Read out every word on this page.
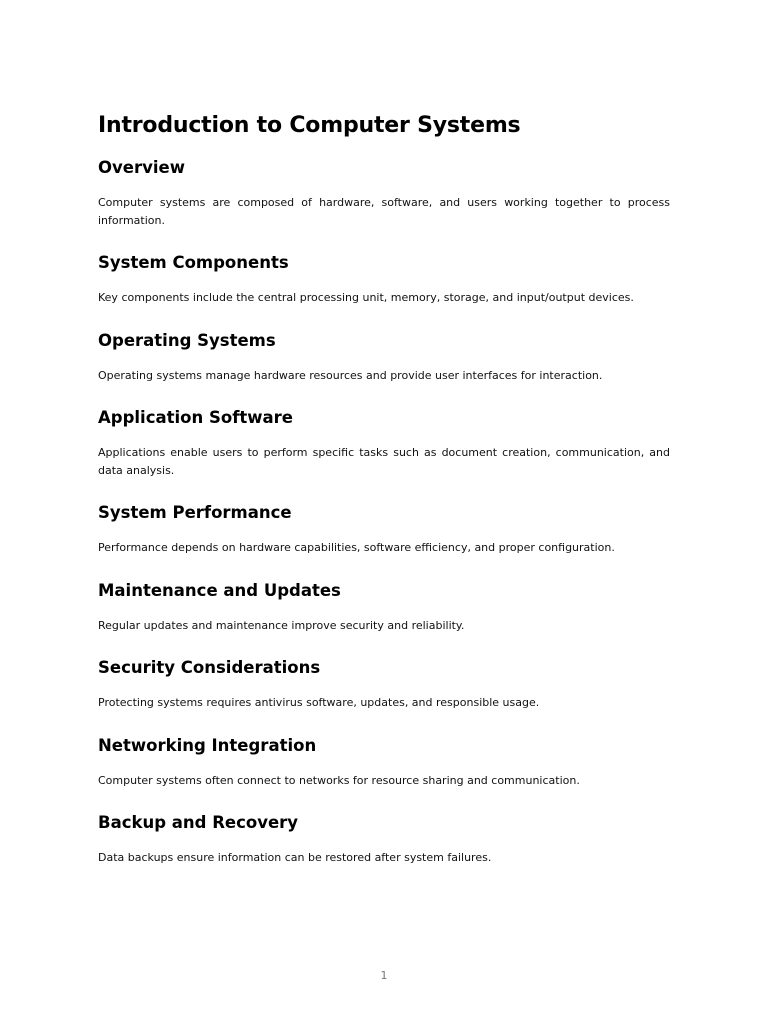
Introduction to Computer Systems
Overview

Computer systems are composed of hardware, software, and users working together to process information.

System Components

Key components include the central processing unit, memory, storage, and input/output devices.

Operating Systems

Operating systems manage hardware resources and provide user interfaces for interaction.

Application Software

Applications enable users to perform specific tasks such as document creation, communication, and data analysis.

System Performance

Performance depends on hardware capabilities, software efficiency, and proper configuration.

Maintenance and Updates

Regular updates and maintenance improve security and reliability.

Security Considerations

Protecting systems requires antivirus software, updates, and responsible usage.

Networking Integration

Computer systems often connect to networks for resource sharing and communication.

Backup and Recovery

Data backups ensure information can be restored after system failures.

1
